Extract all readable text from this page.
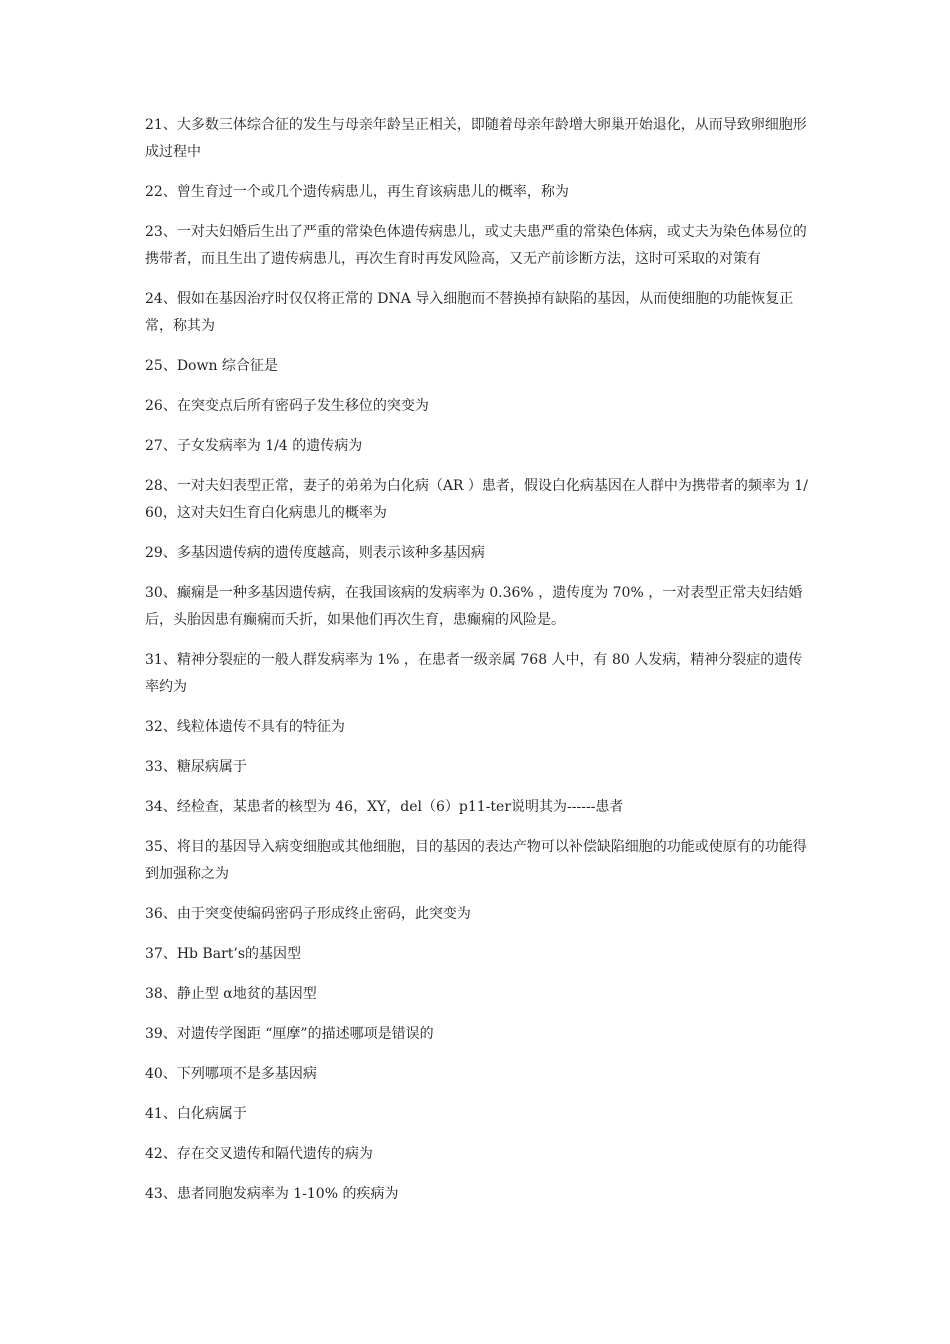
21、大多数三体综合征的发生与母亲年龄呈正相关，即随着母亲年龄增大卵巢开始退化，从而导致卵细胞形成过程中
22、曾生育过一个或几个遗传病患儿，再生育该病患儿的概率，称为
23、一对夫妇婚后生出了严重的常染色体遗传病患儿，或丈夫患严重的常染色体病，或丈夫为染色体易位的携带者，而且生出了遗传病患儿，再次生育时再发风险高，又无产前诊断方法，这时可采取的对策有
24、假如在基因治疗时仅仅将正常的 DNA 导入细胞而不替换掉有缺陷的基因，从而使细胞的功能恢复正常，称其为
25、Down 综合征是
26、在突变点后所有密码子发生移位的突变为
27、子女发病率为 1/4 的遗传病为
28、一对夫妇表型正常，妻子的弟弟为白化病（AR ）患者，假设白化病基因在人群中为携带者的频率为 1/60，这对夫妇生育白化病患儿的概率为
29、多基因遗传病的遗传度越高，则表示该种多基因病
30、癫痫是一种多基因遗传病，在我国该病的发病率为 0.36% ，遗传度为 70% ，一对表型正常夫妇结婚后，头胎因患有癫痫而夭折，如果他们再次生育，患癫痫的风险是。
31、精神分裂症的一般人群发病率为 1% ，在患者一级亲属 768 人中，有 80 人发病，精神分裂症的遗传率约为
32、线粒体遗传不具有的特征为
33、糖尿病属于
34、经检查，某患者的核型为 46，XY，del（6）p11-ter说明其为------患者
35、将目的基因导入病变细胞或其他细胞，目的基因的表达产物可以补偿缺陷细胞的功能或使原有的功能得到加强称之为
36、由于突变使编码密码子形成终止密码，此突变为
37、Hb Bart’s的基因型
38、静止型 α地贫的基因型
39、对遗传学图距 “厘摩”的描述哪项是错误的
40、下列哪项不是多基因病
41、白化病属于
42、存在交叉遗传和隔代遗传的病为
43、患者同胞发病率为 1-10% 的疾病为
